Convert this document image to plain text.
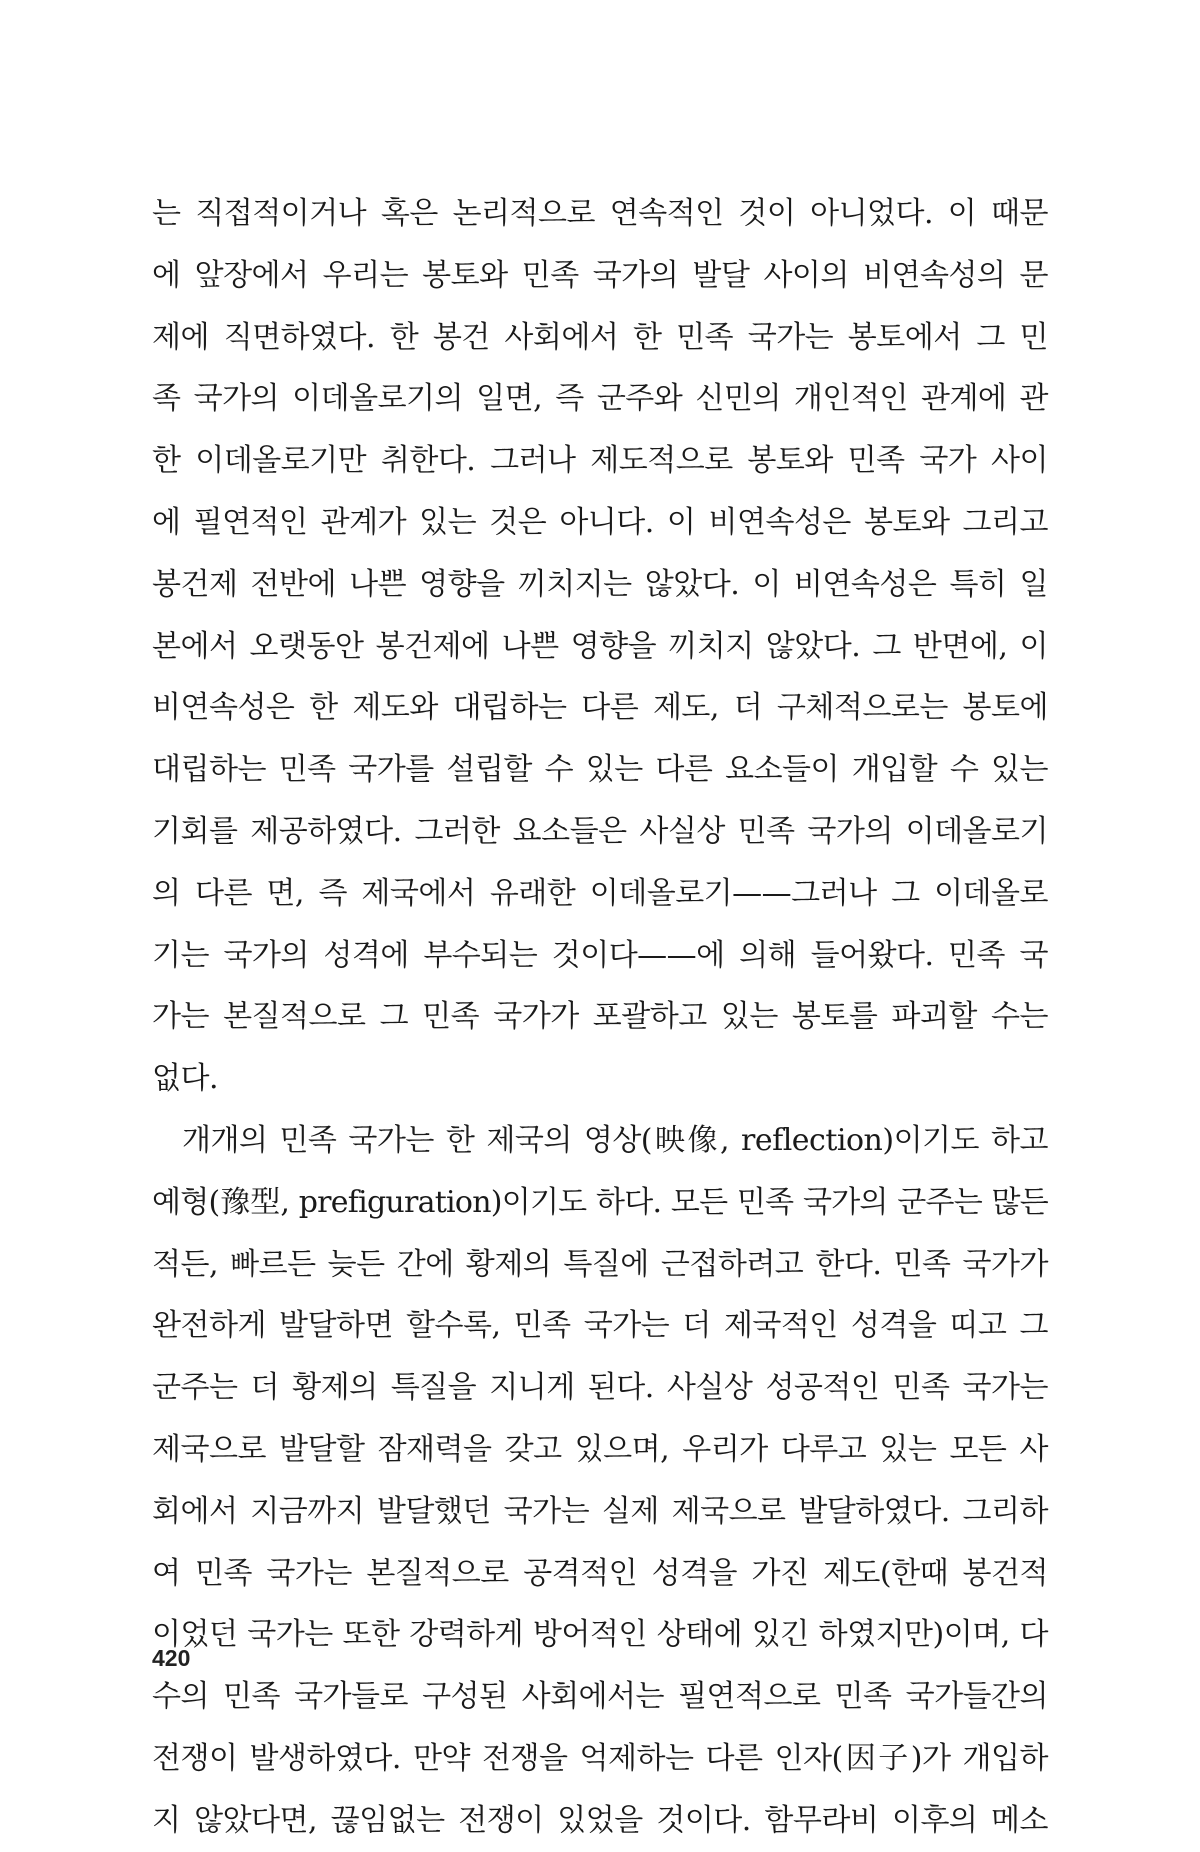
는 직접적이거나 혹은 논리적으로 연속적인 것이 아니었다. 이 때문
에 앞장에서 우리는 봉토와 민족 국가의 발달 사이의 비연속성의 문
제에 직면하였다. 한 봉건 사회에서 한 민족 국가는 봉토에서 그 민
족 국가의 이데올로기의 일면, 즉 군주와 신민의 개인적인 관계에 관
한 이데올로기만 취한다. 그러나 제도적으로 봉토와 민족 국가 사이
에 필연적인 관계가 있는 것은 아니다. 이 비연속성은 봉토와 그리고
봉건제 전반에 나쁜 영향을 끼치지는 않았다. 이 비연속성은 특히 일
본에서 오랫동안 봉건제에 나쁜 영향을 끼치지 않았다. 그 반면에, 이
비연속성은 한 제도와 대립하는 다른 제도, 더 구체적으로는 봉토에
대립하는 민족 국가를 설립할 수 있는 다른 요소들이 개입할 수 있는
기회를 제공하였다. 그러한 요소들은 사실상 민족 국가의 이데올로기
의 다른 면, 즉 제국에서 유래한 이데올로기——그러나 그 이데올로
기는 국가의 성격에 부수되는 것이다——에 의해 들어왔다. 민족 국
가는 본질적으로 그 민족 국가가 포괄하고 있는 봉토를 파괴할 수는
없다.
개개의 민족 국가는 한 제국의 영상(映像, reflection)이기도 하고
예형(豫型, prefiguration)이기도 하다. 모든 민족 국가의 군주는 많든
적든, 빠르든 늦든 간에 황제의 특질에 근접하려고 한다. 민족 국가가
완전하게 발달하면 할수록, 민족 국가는 더 제국적인 성격을 띠고 그
군주는 더 황제의 특질을 지니게 된다. 사실상 성공적인 민족 국가는
제국으로 발달할 잠재력을 갖고 있으며, 우리가 다루고 있는 모든 사
회에서 지금까지 발달했던 국가는 실제 제국으로 발달하였다. 그리하
여 민족 국가는 본질적으로 공격적인 성격을 가진 제도(한때 봉건적
이었던 국가는 또한 강력하게 방어적인 상태에 있긴 하였지만)이며, 다
수의 민족 국가들로 구성된 사회에서는 필연적으로 민족 국가들간의
전쟁이 발생하였다. 만약 전쟁을 억제하는 다른 인자(因子)가 개입하
지 않았다면, 끊임없는 전쟁이 있었을 것이다. 함무라비 이후의 메소
420
